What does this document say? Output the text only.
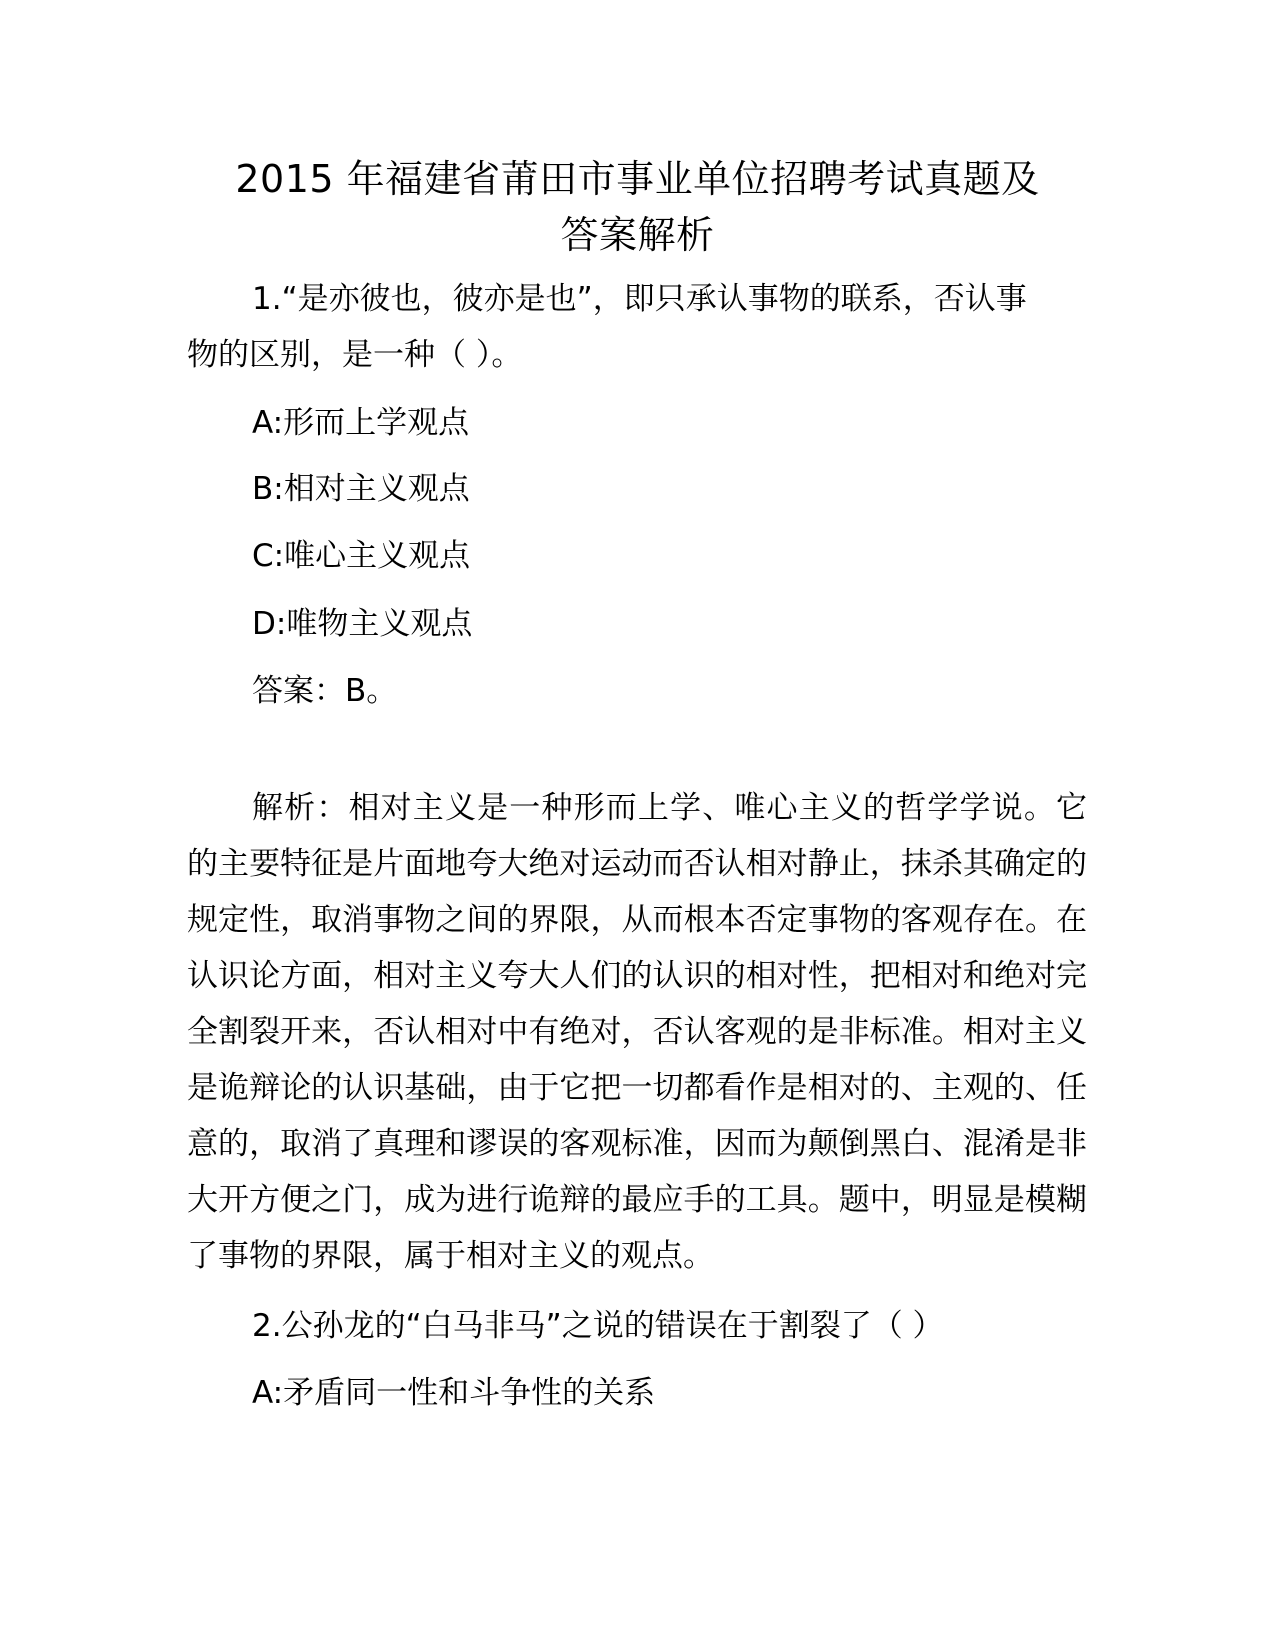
2015 年福建省莆田市事业单位招聘考试真题及
答案解析

1.“是亦彼也，彼亦是也”，即只承认事物的联系，否认事

物的区别，是一种（ ）。

A:形而上学观点

B:相对主义观点

C:唯心主义观点

D:唯物主义观点

答案：B。

解析：相对主义是一种形而上学、唯心主义的哲学学说。它的主要特征是片面地夸大绝对运动而否认相对静止，抹杀其确定的规定性，取消事物之间的界限，从而根本否定事物的客观存在。在认识论方面，相对主义夸大人们的认识的相对性，把相对和绝对完全割裂开来，否认相对中有绝对，否认客观的是非标准。相对主义是诡辩论的认识基础，由于它把一切都看作是相对的、主观的、任意的，取消了真理和谬误的客观标准，因而为颠倒黑白、混淆是非大开方便之门，成为进行诡辩的最应手的工具。题中，明显是模糊了事物的界限，属于相对主义的观点。

2.公孙龙的“白马非马”之说的错误在于割裂了（ ）

A:矛盾同一性和斗争性的关系
